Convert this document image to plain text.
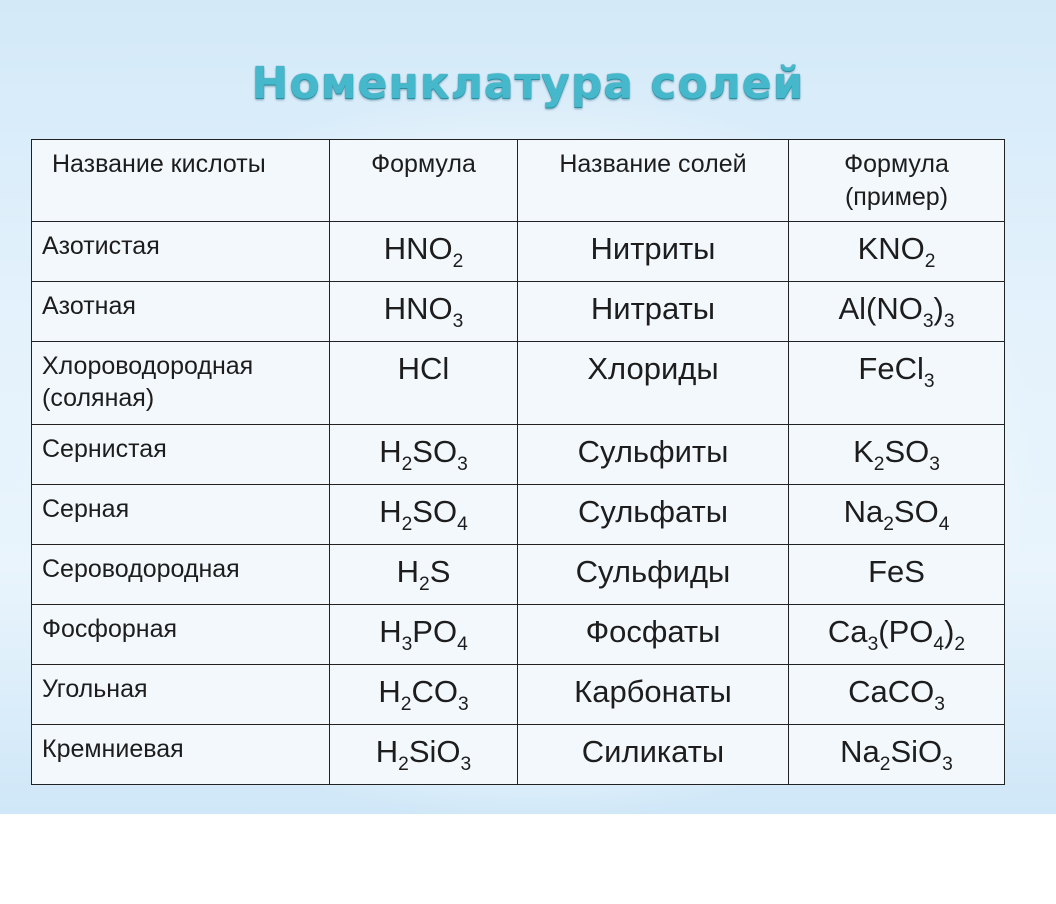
Номенклатура солей
Название кислоты	Формула	Название солей	Формула
(пример)

Азотистая	$HNO_2$	Нитриты	$KNO_2$

Азотная	$HNO_3$	Нитраты	$Al(NO_3)_3$

Хлороводородная
(соляная)	HCl	Хлориды	FeCl$_3$

Сернистая	$H_2SO_3$	Сульфиты	$K_2SO_3$

Серная	$H_2SO_4$	Сульфаты	$Na_2SO_4$

Сероводородная	$H_2S$	Сульфиды	FeS

Фосфорная	$H_3PO_4$	Фосфаты	$Ca_3(PO_4)_2$

Угольная	$H_2CO_3$	Карбонаты	CaCO$_3$

Кремниевая	$H_2SiO_3$	Силикаты	$Na_2SiO_3$
